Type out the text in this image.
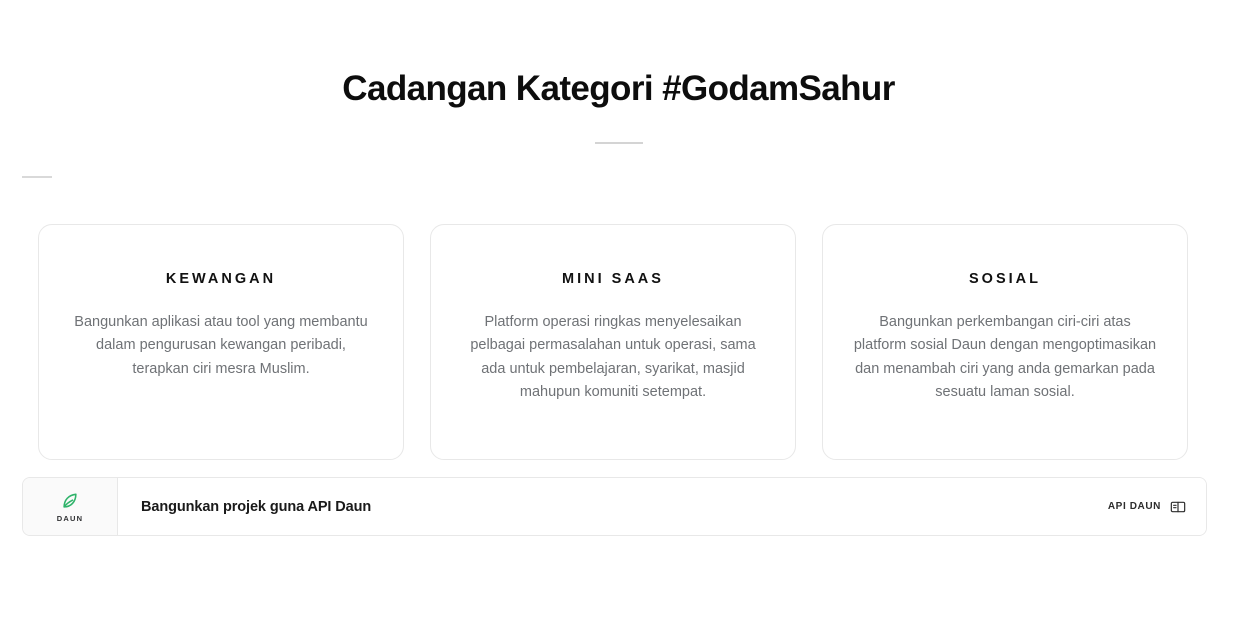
Cadangan Kategori #GodamSahur
KEWANGAN

Bangunkan aplikasi atau tool yang membantu dalam pengurusan kewangan peribadi, terapkan ciri mesra Muslim.

MINI SAAS

Platform operasi ringkas menyelesaikan pelbagai permasalahan untuk operasi, sama ada untuk pembelajaran, syarikat, masjid mahupun komuniti setempat.

SOSIAL

Bangunkan perkembangan ciri-ciri atas platform sosial Daun dengan mengoptimasikan dan menambah ciri yang anda gemarkan pada sesuatu laman sosial.

DAUN
Bangunkan projek guna API Daun	API DAUN
